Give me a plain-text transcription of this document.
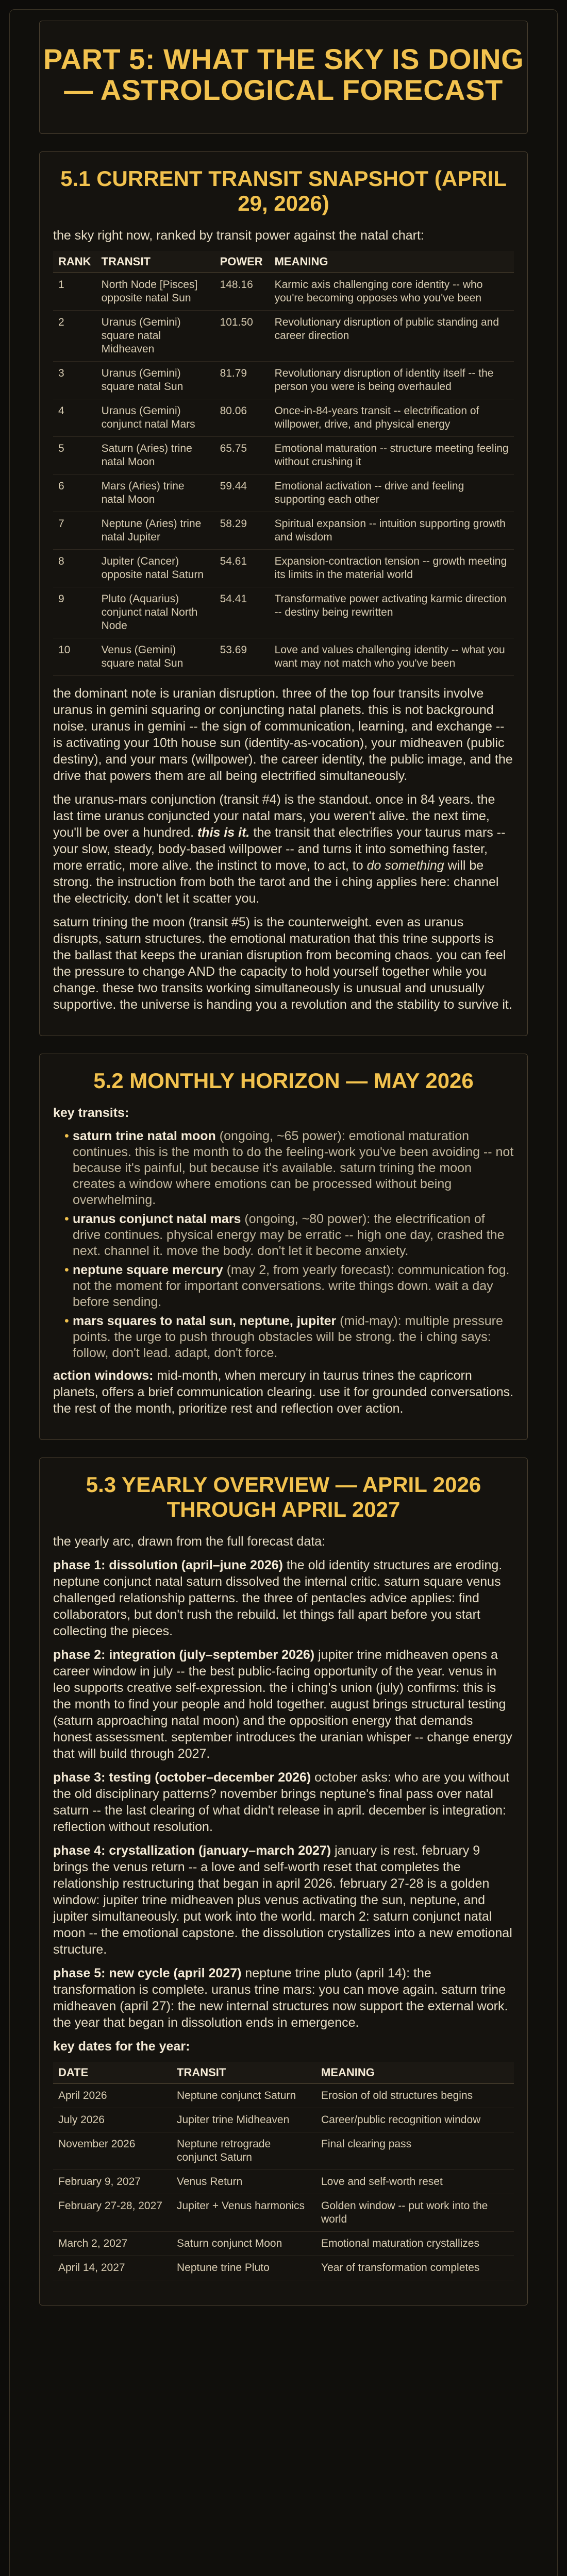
PART 5: WHAT THE SKY IS DOING — ASTROLOGICAL FORECAST
5.1 CURRENT TRANSIT SNAPSHOT (APRIL 29, 2026)

the sky right now, ranked by transit power against the natal chart:

RANK	TRANSIT	POWER	MEANING
1	North Node [Pisces] opposite natal Sun	148.16	Karmic axis challenging core identity -- who you're becoming opposes who you've been
2	Uranus (Gemini) square natal Midheaven	101.50	Revolutionary disruption of public standing and career direction
3	Uranus (Gemini) square natal Sun	81.79	Revolutionary disruption of identity itself -- the person you were is being overhauled
4	Uranus (Gemini) conjunct natal Mars	80.06	Once-in-84-years transit -- electrification of willpower, drive, and physical energy
5	Saturn (Aries) trine natal Moon	65.75	Emotional maturation -- structure meeting feeling without crushing it
6	Mars (Aries) trine natal Moon	59.44	Emotional activation -- drive and feeling supporting each other
7	Neptune (Aries) trine natal Jupiter	58.29	Spiritual expansion -- intuition supporting growth and wisdom
8	Jupiter (Cancer) opposite natal Saturn	54.61	Expansion-contraction tension -- growth meeting its limits in the material world
9	Pluto (Aquarius) conjunct natal North Node	54.41	Transformative power activating karmic direction -- destiny being rewritten
10	Venus (Gemini) square natal Sun	53.69	Love and values challenging identity -- what you want may not match who you've been

the dominant note is uranian disruption. three of the top four transits involve uranus in gemini squaring or conjuncting natal planets. this is not background noise. uranus in gemini -- the sign of communication, learning, and exchange -- is activating your 10th house sun (identity-as-vocation), your midheaven (public destiny), and your mars (willpower). the career identity, the public image, and the drive that powers them are all being electrified simultaneously.

the uranus-mars conjunction (transit #4) is the standout. once in 84 years. the last time uranus conjuncted your natal mars, you weren't alive. the next time, you'll be over a hundred. this is it. the transit that electrifies your taurus mars -- your slow, steady, body-based willpower -- and turns it into something faster, more erratic, more alive. the instinct to move, to act, to do something will be strong. the instruction from both the tarot and the i ching applies here: channel the electricity. don't let it scatter you.

saturn trining the moon (transit #5) is the counterweight. even as uranus disrupts, saturn structures. the emotional maturation that this trine supports is the ballast that keeps the uranian disruption from becoming chaos. you can feel the pressure to change AND the capacity to hold yourself together while you change. these two transits working simultaneously is unusual and unusually supportive. the universe is handing you a revolution and the stability to survive it.

5.2 MONTHLY HORIZON — MAY 2026

key transits:

• saturn trine natal moon (ongoing, ~65 power): emotional maturation continues. this is the month to do the feeling-work you've been avoiding -- not because it's painful, but because it's available. saturn trining the moon creates a window where emotions can be processed without being overwhelming.
• uranus conjunct natal mars (ongoing, ~80 power): the electrification of drive continues. physical energy may be erratic -- high one day, crashed the next. channel it. move the body. don't let it become anxiety.
• neptune square mercury (may 2, from yearly forecast): communication fog. not the moment for important conversations. write things down. wait a day before sending.
• mars squares to natal sun, neptune, jupiter (mid-may): multiple pressure points. the urge to push through obstacles will be strong. the i ching says: follow, don't lead. adapt, don't force.

action windows: mid-month, when mercury in taurus trines the capricorn planets, offers a brief communication clearing. use it for grounded conversations. the rest of the month, prioritize rest and reflection over action.

5.3 YEARLY OVERVIEW — APRIL 2026 THROUGH APRIL 2027

the yearly arc, drawn from the full forecast data:

phase 1: dissolution (april–june 2026) the old identity structures are eroding. neptune conjunct natal saturn dissolved the internal critic. saturn square venus challenged relationship patterns. the three of pentacles advice applies: find collaborators, but don't rush the rebuild. let things fall apart before you start collecting the pieces.

phase 2: integration (july–september 2026) jupiter trine midheaven opens a career window in july -- the best public-facing opportunity of the year. venus in leo supports creative self-expression. the i ching's union (july) confirms: this is the month to find your people and hold together. august brings structural testing (saturn approaching natal moon) and the opposition energy that demands honest assessment. september introduces the uranian whisper -- change energy that will build through 2027.

phase 3: testing (october–december 2026) october asks: who are you without the old disciplinary patterns? november brings neptune's final pass over natal saturn -- the last clearing of what didn't release in april. december is integration: reflection without resolution.

phase 4: crystallization (january–march 2027) january is rest. february 9 brings the venus return -- a love and self-worth reset that completes the relationship restructuring that began in april 2026. february 27-28 is a golden window: jupiter trine midheaven plus venus activating the sun, neptune, and jupiter simultaneously. put work into the world. march 2: saturn conjunct natal moon -- the emotional capstone. the dissolution crystallizes into a new emotional structure.

phase 5: new cycle (april 2027) neptune trine pluto (april 14): the transformation is complete. uranus trine mars: you can move again. saturn trine midheaven (april 27): the new internal structures now support the external work. the year that began in dissolution ends in emergence.

key dates for the year:

DATE	TRANSIT	MEANING
April 2026	Neptune conjunct Saturn	Erosion of old structures begins
July 2026	Jupiter trine Midheaven	Career/public recognition window
November 2026	Neptune retrograde conjunct Saturn	Final clearing pass
February 9, 2027	Venus Return	Love and self-worth reset
February 27-28, 2027	Jupiter + Venus harmonics	Golden window -- put work into the world
March 2, 2027	Saturn conjunct Moon	Emotional maturation crystallizes
April 14, 2027	Neptune trine Pluto	Year of transformation completes
